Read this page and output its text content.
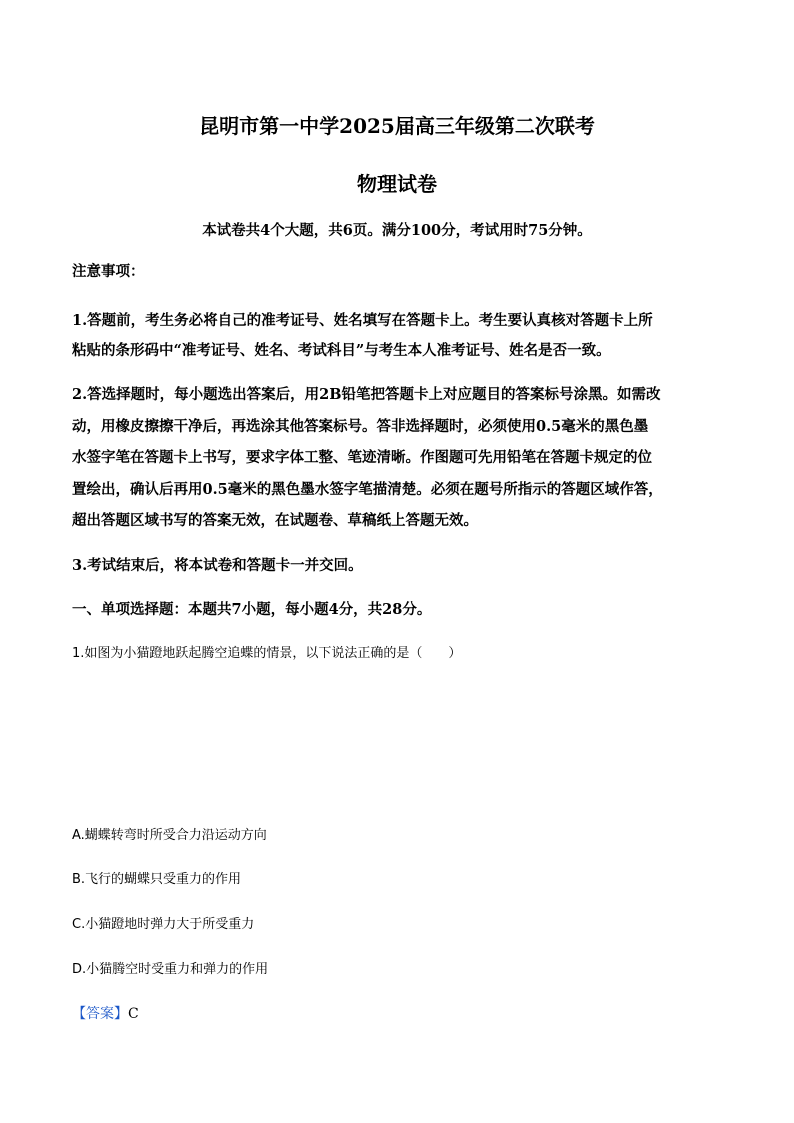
昆明市第一中学2025届高三年级第二次联考
物理试卷
本试卷共4个大题，共6页。满分100分，考试用时75分钟。
注意事项：
1.答题前，考生务必将自己的准考证号、姓名填写在答题卡上。考生要认真核对答题卡上所
粘贴的条形码中“准考证号、姓名、考试科目”与考生本人准考证号、姓名是否一致。
2.答选择题时，每小题选出答案后，用2B铅笔把答题卡上对应题目的答案标号涂黑。如需改
动，用橡皮擦擦干净后，再选涂其他答案标号。答非选择题时，必须使用0.5毫米的黑色墨
水签字笔在答题卡上书写，要求字体工整、笔迹清晰。作图题可先用铅笔在答题卡规定的位
置绘出，确认后再用0.5毫米的黑色墨水签字笔描清楚。必须在题号所指示的答题区域作答，
超出答题区域书写的答案无效，在试题卷、草稿纸上答题无效。
3.考试结束后，将本试卷和答题卡一并交回。
一、单项选择题：本题共7小题，每小题4分，共28分。
1.如图为小猫蹬地跃起腾空追蝶的情景，以下说法正确的是（　　）
A.蝴蝶转弯时所受合力沿运动方向
B.飞行的蝴蝶只受重力的作用
C.小猫蹬地时弹力大于所受重力
D.小猫腾空时受重力和弹力的作用
【答案】C
